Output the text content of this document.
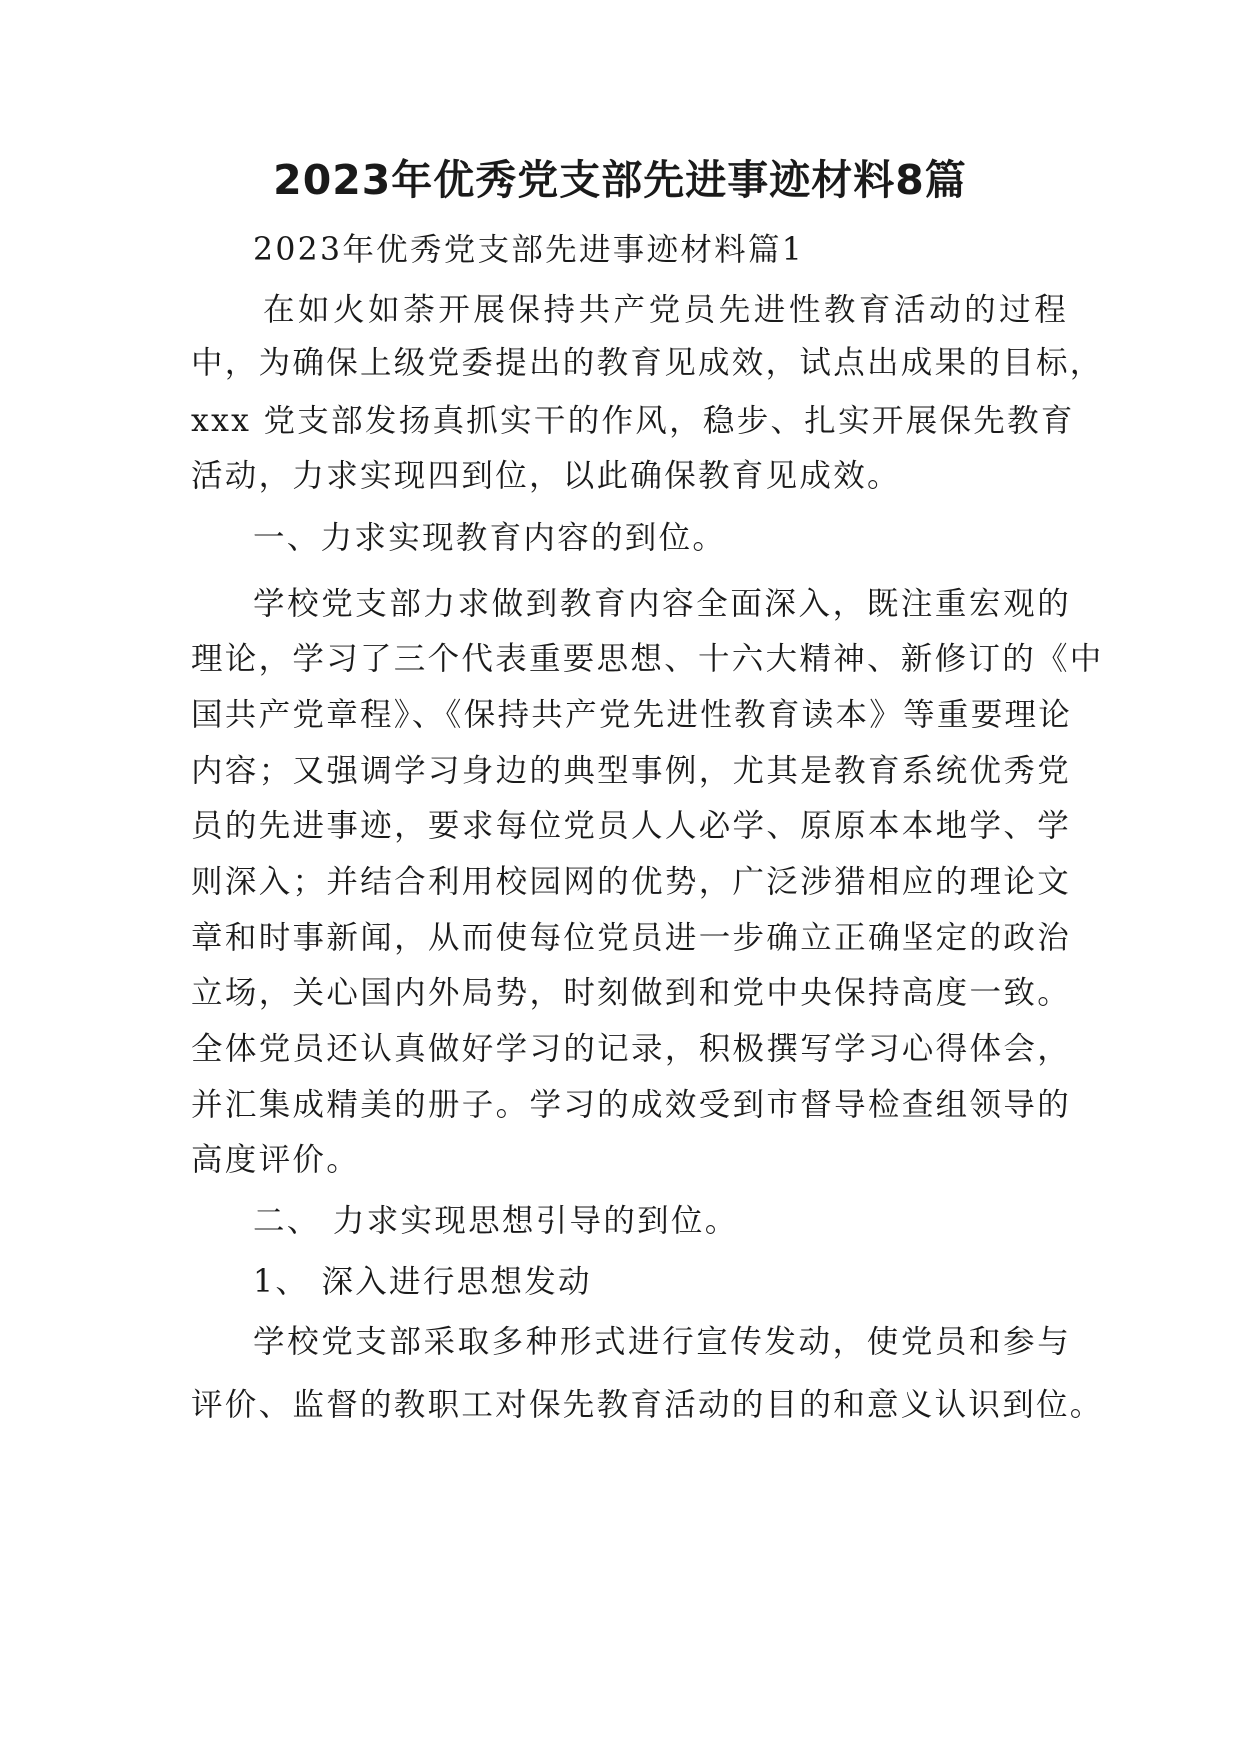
2023年优秀党支部先进事迹材料8篇

2023年优秀党支部先进事迹材料篇1

在如火如荼开展保持共产党员先进性教育活动的过程

中，为确保上级党委提出的教育见成效，试点出成果的目标，

xxx 党支部发扬真抓实干的作风，稳步、扎实开展保先教育

活动，力求实现四到位，以此确保教育见成效。

一、力求实现教育内容的到位。

学校党支部力求做到教育内容全面深入，既注重宏观的

理论，学习了三个代表重要思想、十六大精神、新修订的《中

国共产党章程》、《保持共产党先进性教育读本》等重要理论

内容；又强调学习身边的典型事例，尤其是教育系统优秀党

员的先进事迹，要求每位党员人人必学、原原本本地学、学

则深入；并结合利用校园网的优势，广泛涉猎相应的理论文

章和时事新闻，从而使每位党员进一步确立正确坚定的政治

立场，关心国内外局势，时刻做到和党中央保持高度一致。

全体党员还认真做好学习的记录，积极撰写学习心得体会，

并汇集成精美的册子。学习的成效受到市督导检查组领导的

高度评价。

二、 力求实现思想引导的到位。

1、 深入进行思想发动

学校党支部采取多种形式进行宣传发动，使党员和参与

评价、监督的教职工对保先教育活动的目的和意义认识到位。
